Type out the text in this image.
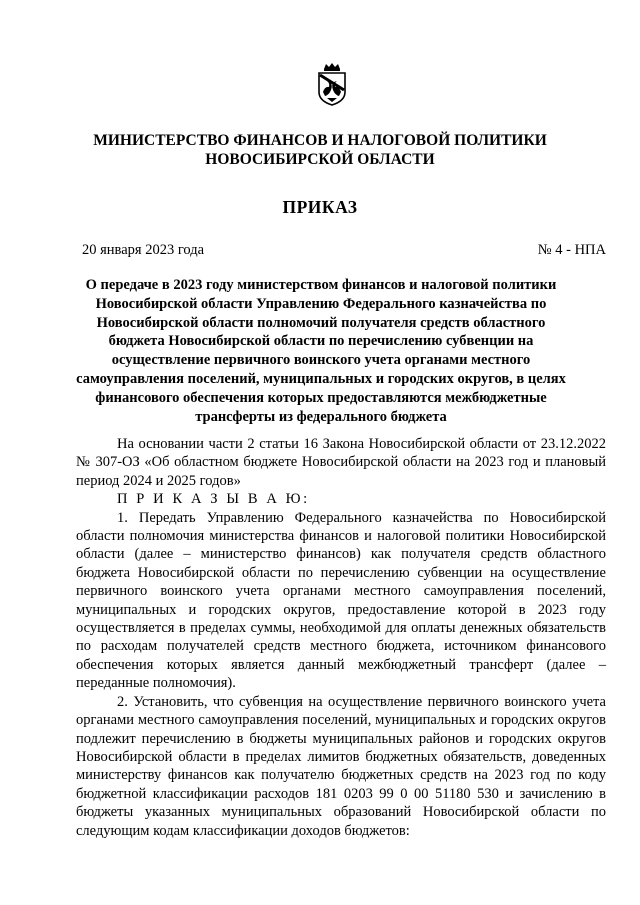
МИНИСТЕРСТВО ФИНАНСОВ И НАЛОГОВОЙ ПОЛИТИКИ
НОВОСИБИРСКОЙ ОБЛАСТИ
ПРИКАЗ
20 января 2023 года	№ 4 - НПА
О передаче в 2023 году министерством финансов и налоговой политики
Новосибирской области Управлению Федерального казначейства по
Новосибирской области полномочий получателя средств областного
бюджета Новосибирской области по перечислению субвенции на
осуществление первичного воинского учета органами местного
самоуправления поселений, муниципальных и городских округов, в целях
финансового обеспечения которых предоставляются межбюджетные
трансферты из федерального бюджета

На основании части 2 статьи 16 Закона Новосибирской области от 23.12.2022 № 307-ОЗ «Об областном бюджете Новосибирской области на 2023 год и плановый период 2024 и 2025 годов»

П Р И К А З Ы В А Ю:

1. Передать Управлению Федерального казначейства по Новосибирской области полномочия министерства финансов и налоговой политики Новосибирской области (далее – министерство финансов) как получателя средств областного бюджета Новосибирской области по перечислению субвенции на осуществление первичного воинского учета органами местного самоуправления поселений, муниципальных и городских округов, предоставление которой в 2023 году осуществляется в пределах суммы, необходимой для оплаты денежных обязательств по расходам получателей средств местного бюджета, источником финансового обеспечения которых является данный межбюджетный трансферт (далее – переданные полномочия).

2. Установить, что субвенция на осуществление первичного воинского учета органами местного самоуправления поселений, муниципальных и городских округов подлежит перечислению в бюджеты муниципальных районов и городских округов Новосибирской области в пределах лимитов бюджетных обязательств, доведенных министерству финансов как получателю бюджетных средств на 2023 год по коду бюджетной классификации расходов 181 0203 99 0 00 51180 530 и зачислению в бюджеты указанных муниципальных образований Новосибирской области по следующим кодам классификации доходов бюджетов:
